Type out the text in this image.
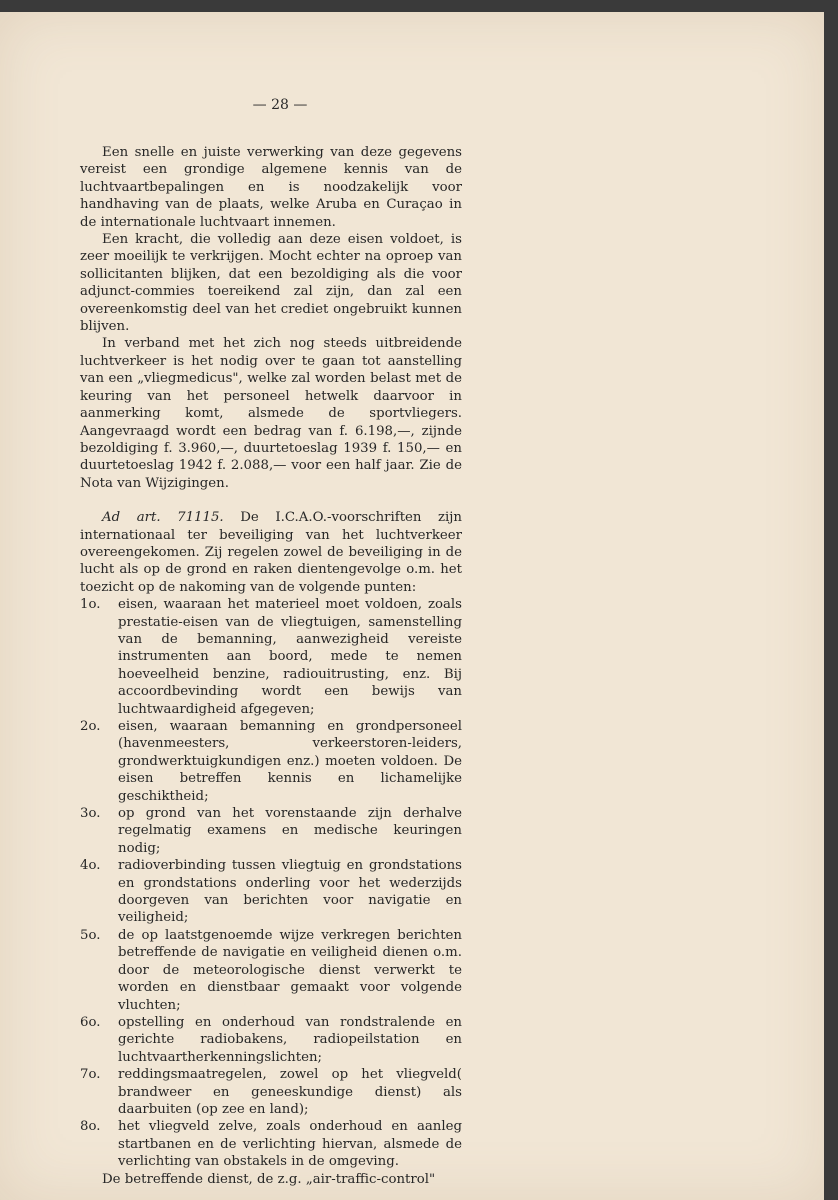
— 28 —

Een snelle en juiste verwerking van deze gegevens vereist een grondige algemene kennis van de luchtvaartbepalingen en is noodzakelijk voor handhaving van de plaats, welke Aruba en Curaçao in de internationale luchtvaart innemen.

Een kracht, die volledig aan deze eisen voldoet, is zeer moeilijk te verkrijgen. Mocht echter na oproep van sollicitanten blijken, dat een bezoldiging als die voor adjunct-commies toereikend zal zijn, dan zal een overeenkomstig deel van het crediet ongebruikt kunnen blijven.

In verband met het zich nog steeds uitbreidende luchtverkeer is het nodig over te gaan tot aanstelling van een „vliegmedicus", welke zal worden belast met de keuring van het personeel hetwelk daarvoor in aanmerking komt, alsmede de sportvliegers. Aangevraagd wordt een bedrag van f. 6.198,—, zijnde bezoldiging f. 3.960,—, duurtetoeslag 1939 f. 150,— en duurtetoeslag 1942 f. 2.088,— voor een half jaar. Zie de Nota van Wijzigingen.

Ad art. 71115. De I.C.A.O.-voorschriften zijn internationaal ter beveiliging van het luchtverkeer overeengekomen. Zij regelen zowel de beveiliging in de lucht als op de grond en raken dientengevolge o.m. het toezicht op de nakoming van de volgende punten:

1o. eisen, waaraan het materieel moet voldoen, zoals prestatie-eisen van de vliegtuigen, samenstelling van de bemanning, aanwezigheid vereiste instrumenten aan boord, mede te nemen hoeveelheid benzine, radiouitrusting, enz. Bij accoordbevinding wordt een bewijs van luchtwaardigheid afgegeven;
2o. eisen, waaraan bemanning en grondpersoneel (havenmeesters, verkeerstoren-leiders, grondwerktuigkundigen enz.) moeten voldoen. De eisen betreffen kennis en lichamelijke geschiktheid;
3o. op grond van het vorenstaande zijn derhalve regelmatig examens en medische keuringen nodig;
4o. radioverbinding tussen vliegtuig en grondstations en grondstations onderling voor het wederzijds doorgeven van berichten voor navigatie en veiligheid;
5o. de op laatstgenoemde wijze verkregen berichten betreffende de navigatie en veiligheid dienen o.m. door de meteorologische dienst verwerkt te worden en dienstbaar gemaakt voor volgende vluchten;
6o. opstelling en onderhoud van rondstralende en gerichte radiobakens, radiopeilstation en luchtvaartherkenningslichten;
7o. reddingsmaatregelen, zowel op het vliegveld( brandweer en geneeskundige dienst) als daarbuiten (op zee en land);
8o. het vliegveld zelve, zoals onderhoud en aanleg startbanen en de verlichting hiervan, alsmede de verlichting van obstakels in de omgeving.

De betreffende dienst, de z.g. „air-traffic-control"
